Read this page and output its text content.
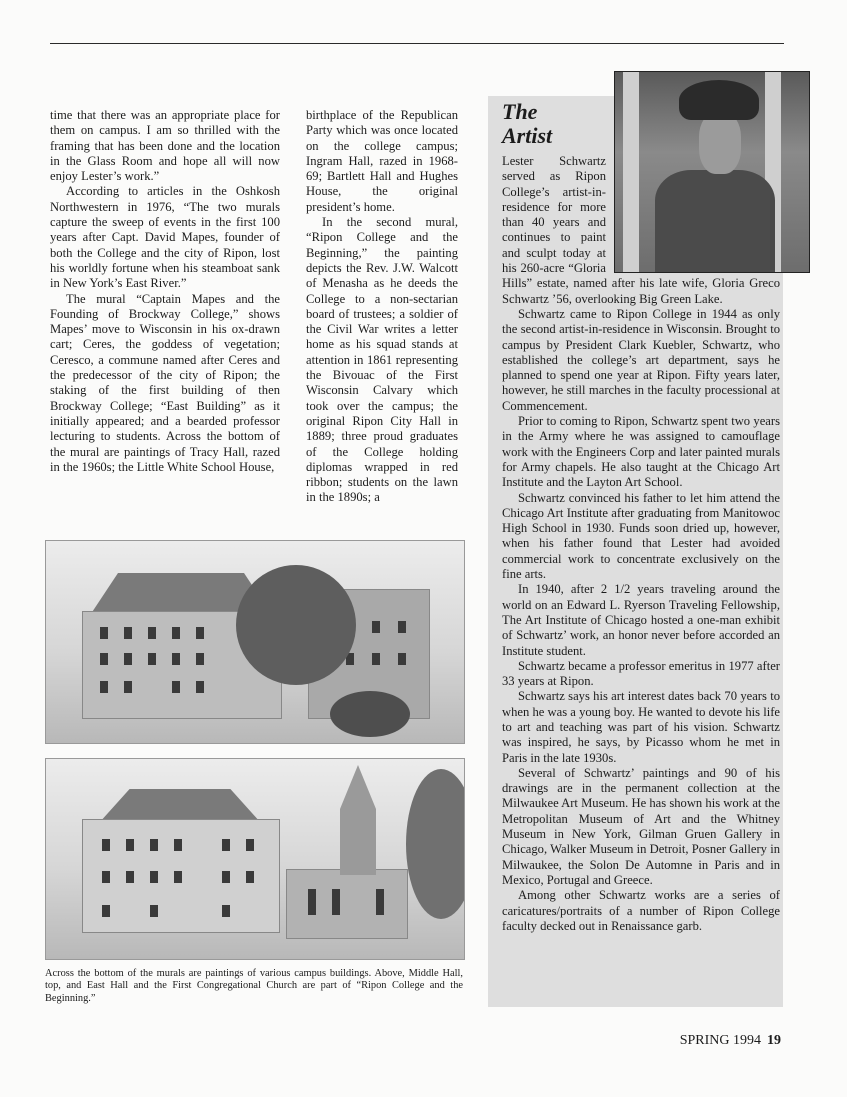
time that there was an appropriate place for them on campus. I am so thrilled with the framing that has been done and the location in the Glass Room and hope all will now enjoy Lester’s work.”

According to articles in the Oshkosh Northwestern in 1976, “The two murals capture the sweep of events in the first 100 years after Capt. David Mapes, founder of both the College and the city of Ripon, lost his worldly fortune when his steamboat sank in New York’s East River.”

The mural “Captain Mapes and the Founding of Brockway College,” shows Mapes’ move to Wisconsin in his ox-drawn cart; Ceres, the goddess of vegetation; Ceresco, a commune named after Ceres and the predecessor of the city of Ripon; the staking of the first building of then Brockway College; “East Building” as it initially appeared; and a bearded professor lecturing to students. Across the bottom of the mural are paintings of Tracy Hall, razed in the 1960s; the Little White School House,

birthplace of the Republican Party which was once located on the college campus; Ingram Hall, razed in 1968-69; Bartlett Hall and Hughes House, the original president’s home.

In the second mural, “Ripon College and the Beginning,” the painting depicts the Rev. J.W. Walcott of Menasha as he deeds the College to a non-sectarian board of trustees; a soldier of the Civil War writes a letter home as his squad stands at attention in 1861 representing the Bivouac of the First Wisconsin Calvary which took over the campus; the original Ripon City Hall in 1889; three proud graduates of the College holding diplomas wrapped in red ribbon; students on the lawn in the 1890s; a

The
Artist

Lester Schwartz served as Ripon College’s artist-in-residence for more than 40 years and continues to paint and sculpt today at his 260-acre “Gloria Hills” estate, named after his late wife, Gloria Greco Schwartz ’56, overlooking Big Green Lake.

Schwartz came to Ripon College in 1944 as only the second artist-in-residence in Wisconsin. Brought to campus by President Clark Kuebler, Schwartz, who established the college’s art department, says he planned to spend one year at Ripon. Fifty years later, however, he still marches in the faculty processional at Commencement.

Prior to coming to Ripon, Schwartz spent two years in the Army where he was assigned to camouflage work with the Engineers Corp and later painted murals for Army chapels. He also taught at the Chicago Art Institute and the Layton Art School.

Schwartz convinced his father to let him attend the Chicago Art Institute after graduating from Manitowoc High School in 1930. Funds soon dried up, however, when his father found that Lester had avoided commercial work to concentrate exclusively on the fine arts.

In 1940, after 2 1/2 years traveling around the world on an Edward L. Ryerson Traveling Fellowship, The Art Institute of Chicago hosted a one-man exhibit of Schwartz’ work, an honor never before accorded an Institute student.

Schwartz became a professor emeritus in 1977 after 33 years at Ripon.

Schwartz says his art interest dates back 70 years to when he was a young boy. He wanted to devote his life to art and teaching was part of his vision. Schwartz was inspired, he says, by Picasso whom he met in Paris in the late 1930s.

Several of Schwartz’ paintings and 90 of his drawings are in the permanent collection at the Milwaukee Art Museum. He has shown his work at the Metropolitan Museum of Art and the Whitney Museum in New York, Gilman Gruen Gallery in Chicago, Walker Museum in Detroit, Posner Gallery in Milwaukee, the Solon De Automne in Paris and in Mexico, Portugal and Greece.

Among other Schwartz works are a series of caricatures/portraits of a number of Ripon College faculty decked out in Renaissance garb.

Across the bottom of the murals are paintings of various campus buildings. Above, Middle Hall, top, and East Hall and the First Congregational Church are part of “Ripon College and the Beginning.”
SPRING 1994 19
